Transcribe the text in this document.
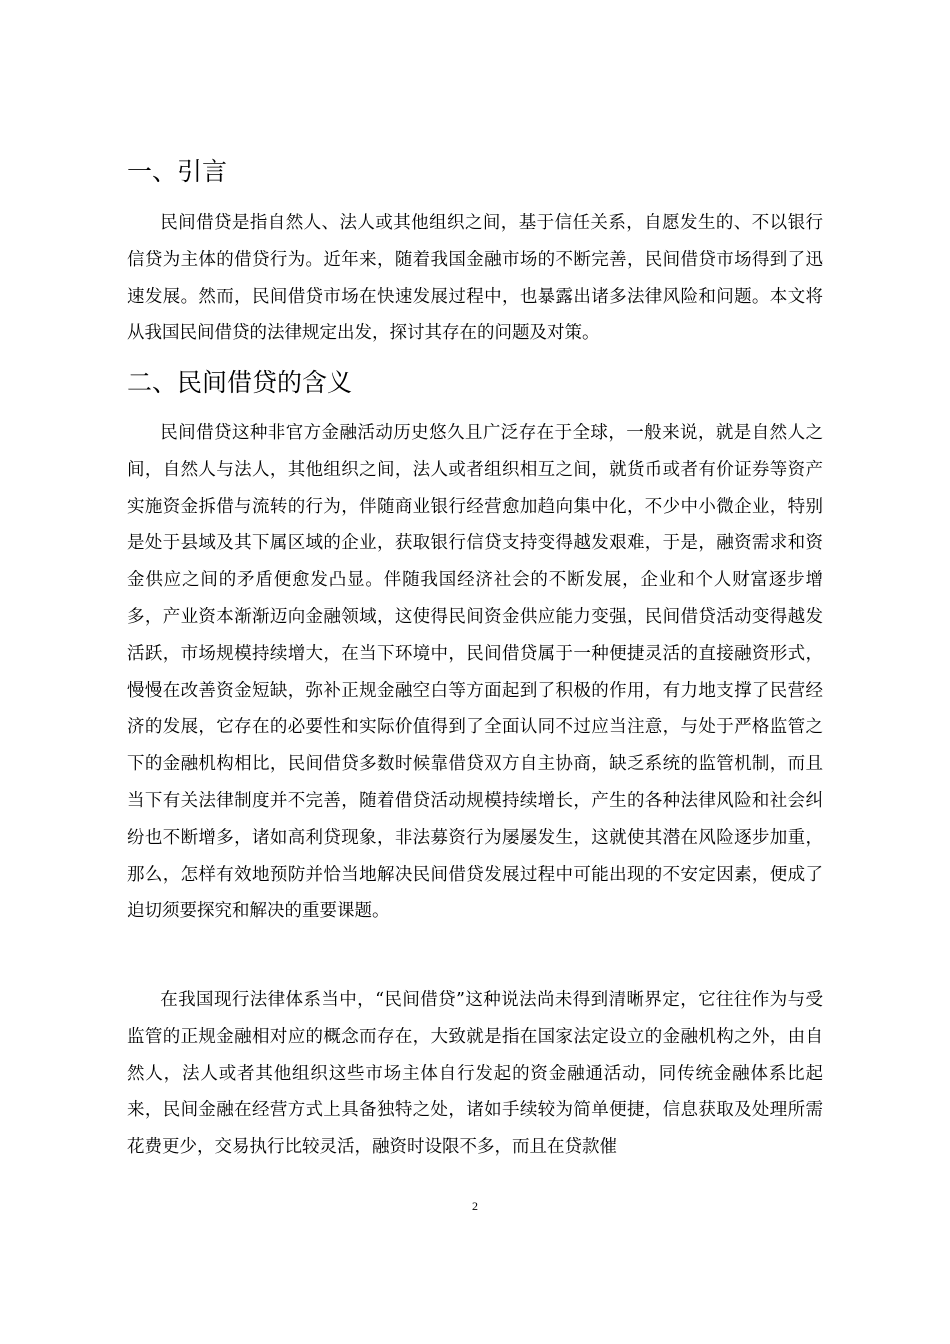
一、引言

民间借贷是指自然人、法人或其他组织之间，基于信任关系，自愿发生的、不以银行信贷为主体的借贷行为。近年来，随着我国金融市场的不断完善，民间借贷市场得到了迅速发展。然而，民间借贷市场在快速发展过程中，也暴露出诸多法律风险和问题。本文将从我国民间借贷的法律规定出发，探讨其存在的问题及对策。

二、民间借贷的含义

民间借贷这种非官方金融活动历史悠久且广泛存在于全球，一般来说，就是自然人之间，自然人与法人，其他组织之间，法人或者组织相互之间，就货币或者有价证券等资产实施资金拆借与流转的行为，伴随商业银行经营愈加趋向集中化，不少中小微企业，特别是处于县域及其下属区域的企业，获取银行信贷支持变得越发艰难，于是，融资需求和资金供应之间的矛盾便愈发凸显。伴随我国经济社会的不断发展，企业和个人财富逐步增多，产业资本渐渐迈向金融领域，这使得民间资金供应能力变强，民间借贷活动变得越发活跃，市场规模持续增大，在当下环境中，民间借贷属于一种便捷灵活的直接融资形式，慢慢在改善资金短缺，弥补正规金融空白等方面起到了积极的作用，有力地支撑了民营经济的发展，它存在的必要性和实际价值得到了全面认同不过应当注意，与处于严格监管之下的金融机构相比，民间借贷多数时候靠借贷双方自主协商，缺乏系统的监管机制，而且当下有关法律制度并不完善，随着借贷活动规模持续增长，产生的各种法律风险和社会纠纷也不断增多，诸如高利贷现象，非法募资行为屡屡发生，这就使其潜在风险逐步加重，那么，怎样有效地预防并恰当地解决民间借贷发展过程中可能出现的不安定因素，便成了迫切须要探究和解决的重要课题。

在我国现行法律体系当中，“民间借贷”这种说法尚未得到清晰界定，它往往作为与受监管的正规金融相对应的概念而存在，大致就是指在国家法定设立的金融机构之外，由自然人，法人或者其他组织这些市场主体自行发起的资金融通活动，同传统金融体系比起来，民间金融在经营方式上具备独特之处，诸如手续较为简单便捷，信息获取及处理所需花费更少，交易执行比较灵活，融资时设限不多，而且在贷款催

2
